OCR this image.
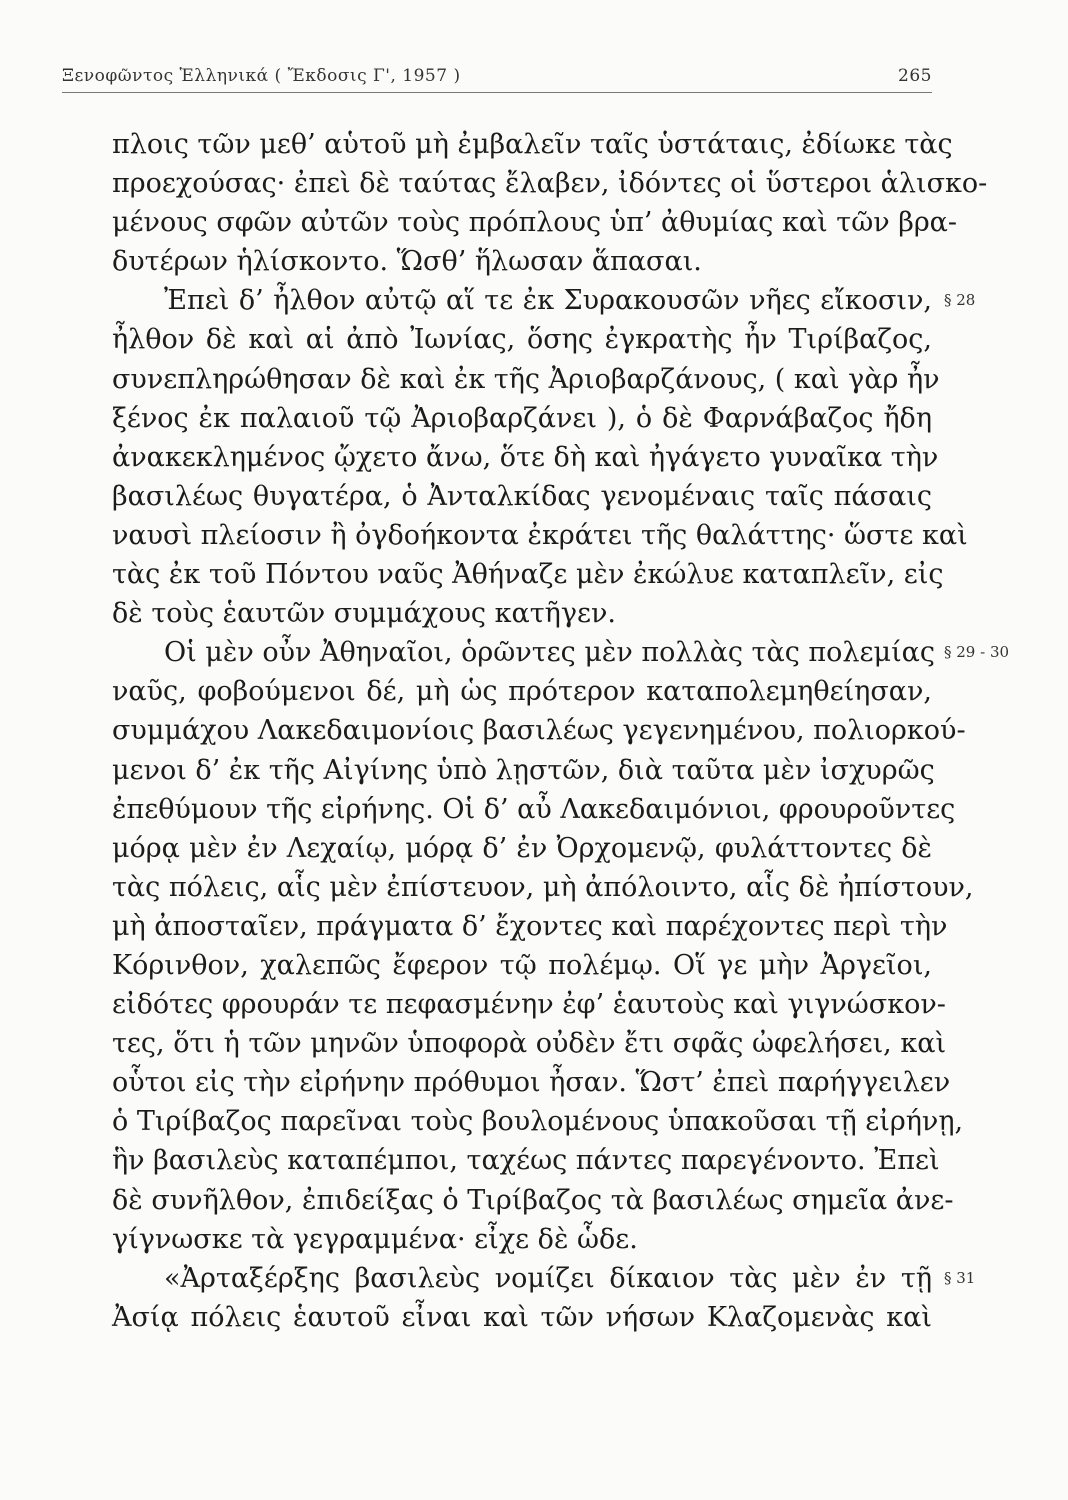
Ξενοφῶντος Ἑλληνικά ( Ἔκδοσις Γ', 1957 )	265
πλοις τῶν μεθ’ αὑτοῦ μὴ ἐμβαλεῖν ταῖς ὑστάταις, ἐδίωκε τὰς
προεχούσας· ἐπεὶ δὲ ταύτας ἔλαβεν, ἰδόντες οἱ ὕστεροι ἁλισκο-
μένους σφῶν αὐτῶν τοὺς πρόπλους ὑπ’ ἀθυμίας καὶ τῶν βρα-
δυτέρων ἡλίσκοντο. Ὥσθ’ ἥλωσαν ἅπασαι.
Ἐπεὶ δ’ ἦλθον αὐτῷ αἵ τε ἐκ Συρακουσῶν νῆες εἴκοσιν,
ἦλθον δὲ καὶ αἱ ἀπὸ Ἰωνίας, ὅσης ἐγκρατὴς ἦν Τιρίβαζος,
συνεπληρώθησαν δὲ καὶ ἐκ τῆς Ἀριοβαρζάνους, ( καὶ γὰρ ἦν
ξένος ἐκ παλαιοῦ τῷ Ἀριοβαρζάνει ), ὁ δὲ Φαρνάβαζος ἤδη
ἀνακεκλημένος ᾤχετο ἄνω, ὅτε δὴ καὶ ἠγάγετο γυναῖκα τὴν
βασιλέως θυγατέρα, ὁ Ἀνταλκίδας γενομέναις ταῖς πάσαις
ναυσὶ πλείοσιν ἢ ὀγδοήκοντα ἐκράτει τῆς θαλάττης· ὥστε καὶ
τὰς ἐκ τοῦ Πόντου ναῦς Ἀθήναζε μὲν ἐκώλυε καταπλεῖν, εἰς
δὲ τοὺς ἑαυτῶν συμμάχους κατῆγεν.
Οἱ μὲν οὖν Ἀθηναῖοι, ὁρῶντες μὲν πολλὰς τὰς πολεμίας
ναῦς, φοβούμενοι δέ, μὴ ὡς πρότερον καταπολεμηθείησαν,
συμμάχου Λακεδαιμονίοις βασιλέως γεγενημένου, πολιορκού-
μενοι δ’ ἐκ τῆς Αἰγίνης ὑπὸ λῃστῶν, διὰ ταῦτα μὲν ἰσχυρῶς
ἐπεθύμουν τῆς εἰρήνης. Οἱ δ’ αὖ Λακεδαιμόνιοι, φρουροῦντες
μόρᾳ μὲν ἐν Λεχαίῳ, μόρᾳ δ’ ἐν Ὀρχομενῷ, φυλάττοντες δὲ
τὰς πόλεις, αἷς μὲν ἐπίστευον, μὴ ἀπόλοιντο, αἷς δὲ ἠπίστουν,
μὴ ἀποσταῖεν, πράγματα δ’ ἔχοντες καὶ παρέχοντες περὶ τὴν
Κόρινθον, χαλεπῶς ἔφερον τῷ πολέμῳ. Οἵ γε μὴν Ἀργεῖοι,
εἰδότες φρουράν τε πεφασμένην ἐφ’ ἑαυτοὺς καὶ γιγνώσκον-
τες, ὅτι ἡ τῶν μηνῶν ὑποφορὰ οὐδὲν ἔτι σφᾶς ὠφελήσει, καὶ
οὗτοι εἰς τὴν εἰρήνην πρόθυμοι ἦσαν. Ὥστ’ ἐπεὶ παρήγγειλεν
ὁ Τιρίβαζος παρεῖναι τοὺς βουλομένους ὑπακοῦσαι τῇ εἰρήνῃ,
ἣν βασιλεὺς καταπέμποι, ταχέως πάντες παρεγένοντο. Ἐπεὶ
δὲ συνῆλθον, ἐπιδείξας ὁ Τιρίβαζος τὰ βασιλέως σημεῖα ἀνε-
γίγνωσκε τὰ γεγραμμένα· εἶχε δὲ ὧδε.
«Ἀρταξέρξης βασιλεὺς νομίζει δίκαιον τὰς μὲν ἐν τῇ
Ἀσίᾳ πόλεις ἑαυτοῦ εἶναι καὶ τῶν νήσων Κλαζομενὰς καὶ
§ 28
§ 29 - 30
§ 31
